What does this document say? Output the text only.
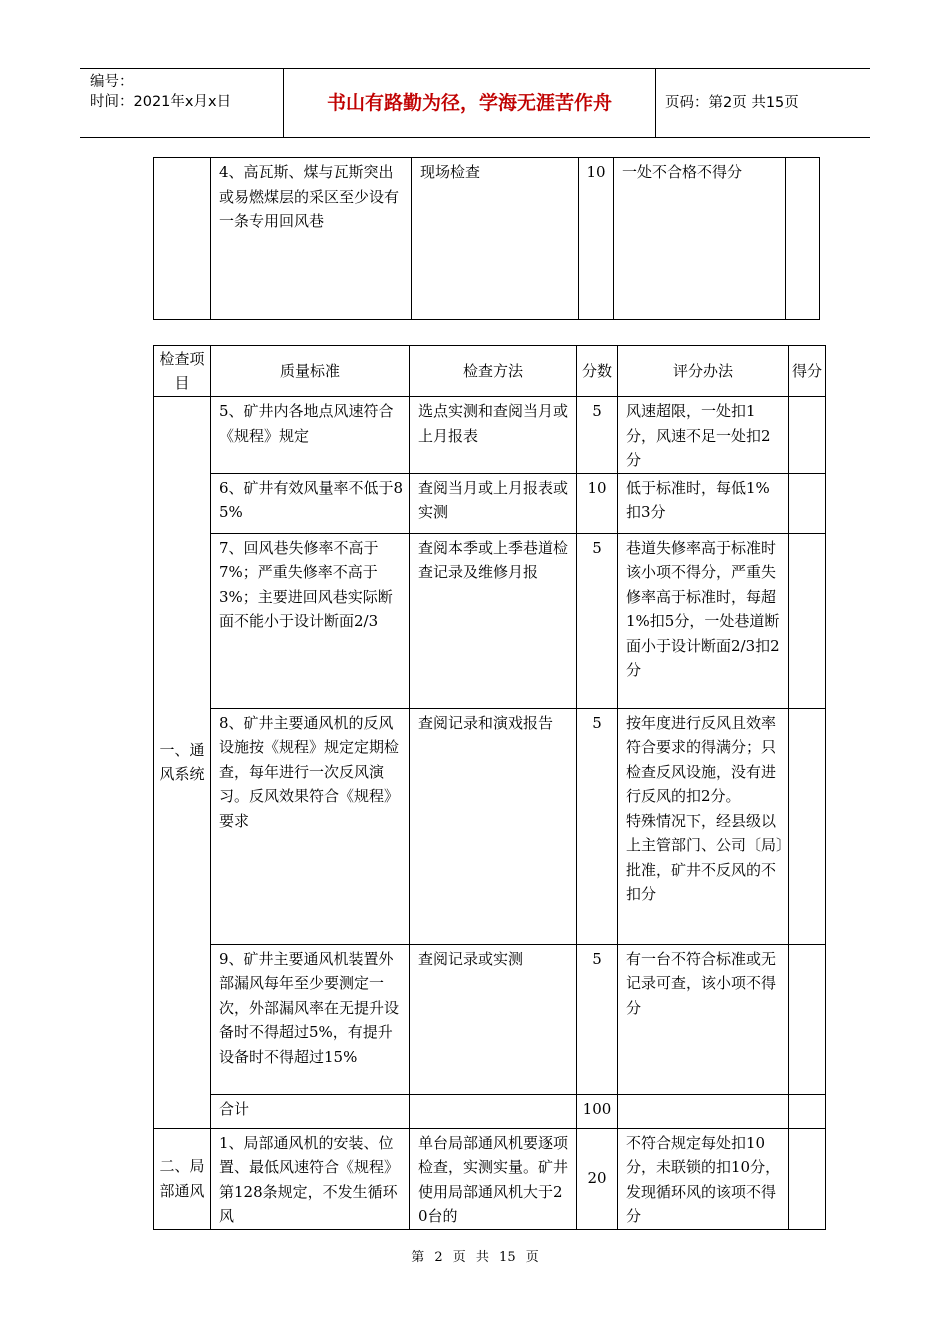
编号：
时间：2021年x月x日	书山有路勤为径，学海无涯苦作舟	页码：第2页 共15页
	4、高瓦斯、煤与瓦斯突出或易燃煤层的采区至少设有一条专用回风巷	现场检查	10	一处不合格不得分	
检查项目	质量标准	检查方法	分数	评分办法	得分
一、通风系统	5、矿井内各地点风速符合《规程》规定	选点实测和查阅当月或上月报表	5	风速超限，一处扣1分，风速不足一处扣2分	
	6、矿井有效风量率不低于85%	查阅当月或上月报表或实测	10	低于标准时，每低1%扣3分	
	7、回风巷失修率不高于7%；严重失修率不高于3%；主要进回风巷实际断面不能小于设计断面2/3	查阅本季或上季巷道检查记录及维修月报	5	巷道失修率高于标准时该小项不得分，严重失修率高于标准时，每超1%扣5分，一处巷道断面小于设计断面2/3扣2分	
	8、矿井主要通风机的反风设施按《规程》规定定期检查，每年进行一次反风演习。反风效果符合《规程》要求	查阅记录和演戏报告	5	按年度进行反风且效率符合要求的得满分；只检查反风设施，没有进行反风的扣2分。
特殊情况下，经县级以上主管部门、公司〔局〕批准，矿井不反风的不扣分	

	9、矿井主要通风机装置外部漏风每年至少要测定一次，外部漏风率在无提升设备时不得超过5%，有提升设备时不得超过15%	查阅记录或实测	5	有一台不符合标准或无记录可查，该小项不得分	
	合计		100		
二、局部通风	1、局部通风机的安装、位置、最低风速符合《规程》第128条规定，不发生循环风	单台局部通风机要逐项检查，实测实量。矿井使用局部通风机大于20台的	20	不符合规定每处扣10分，未联锁的扣10分，发现循环风的该项不得分	
第 2 页 共 15 页
